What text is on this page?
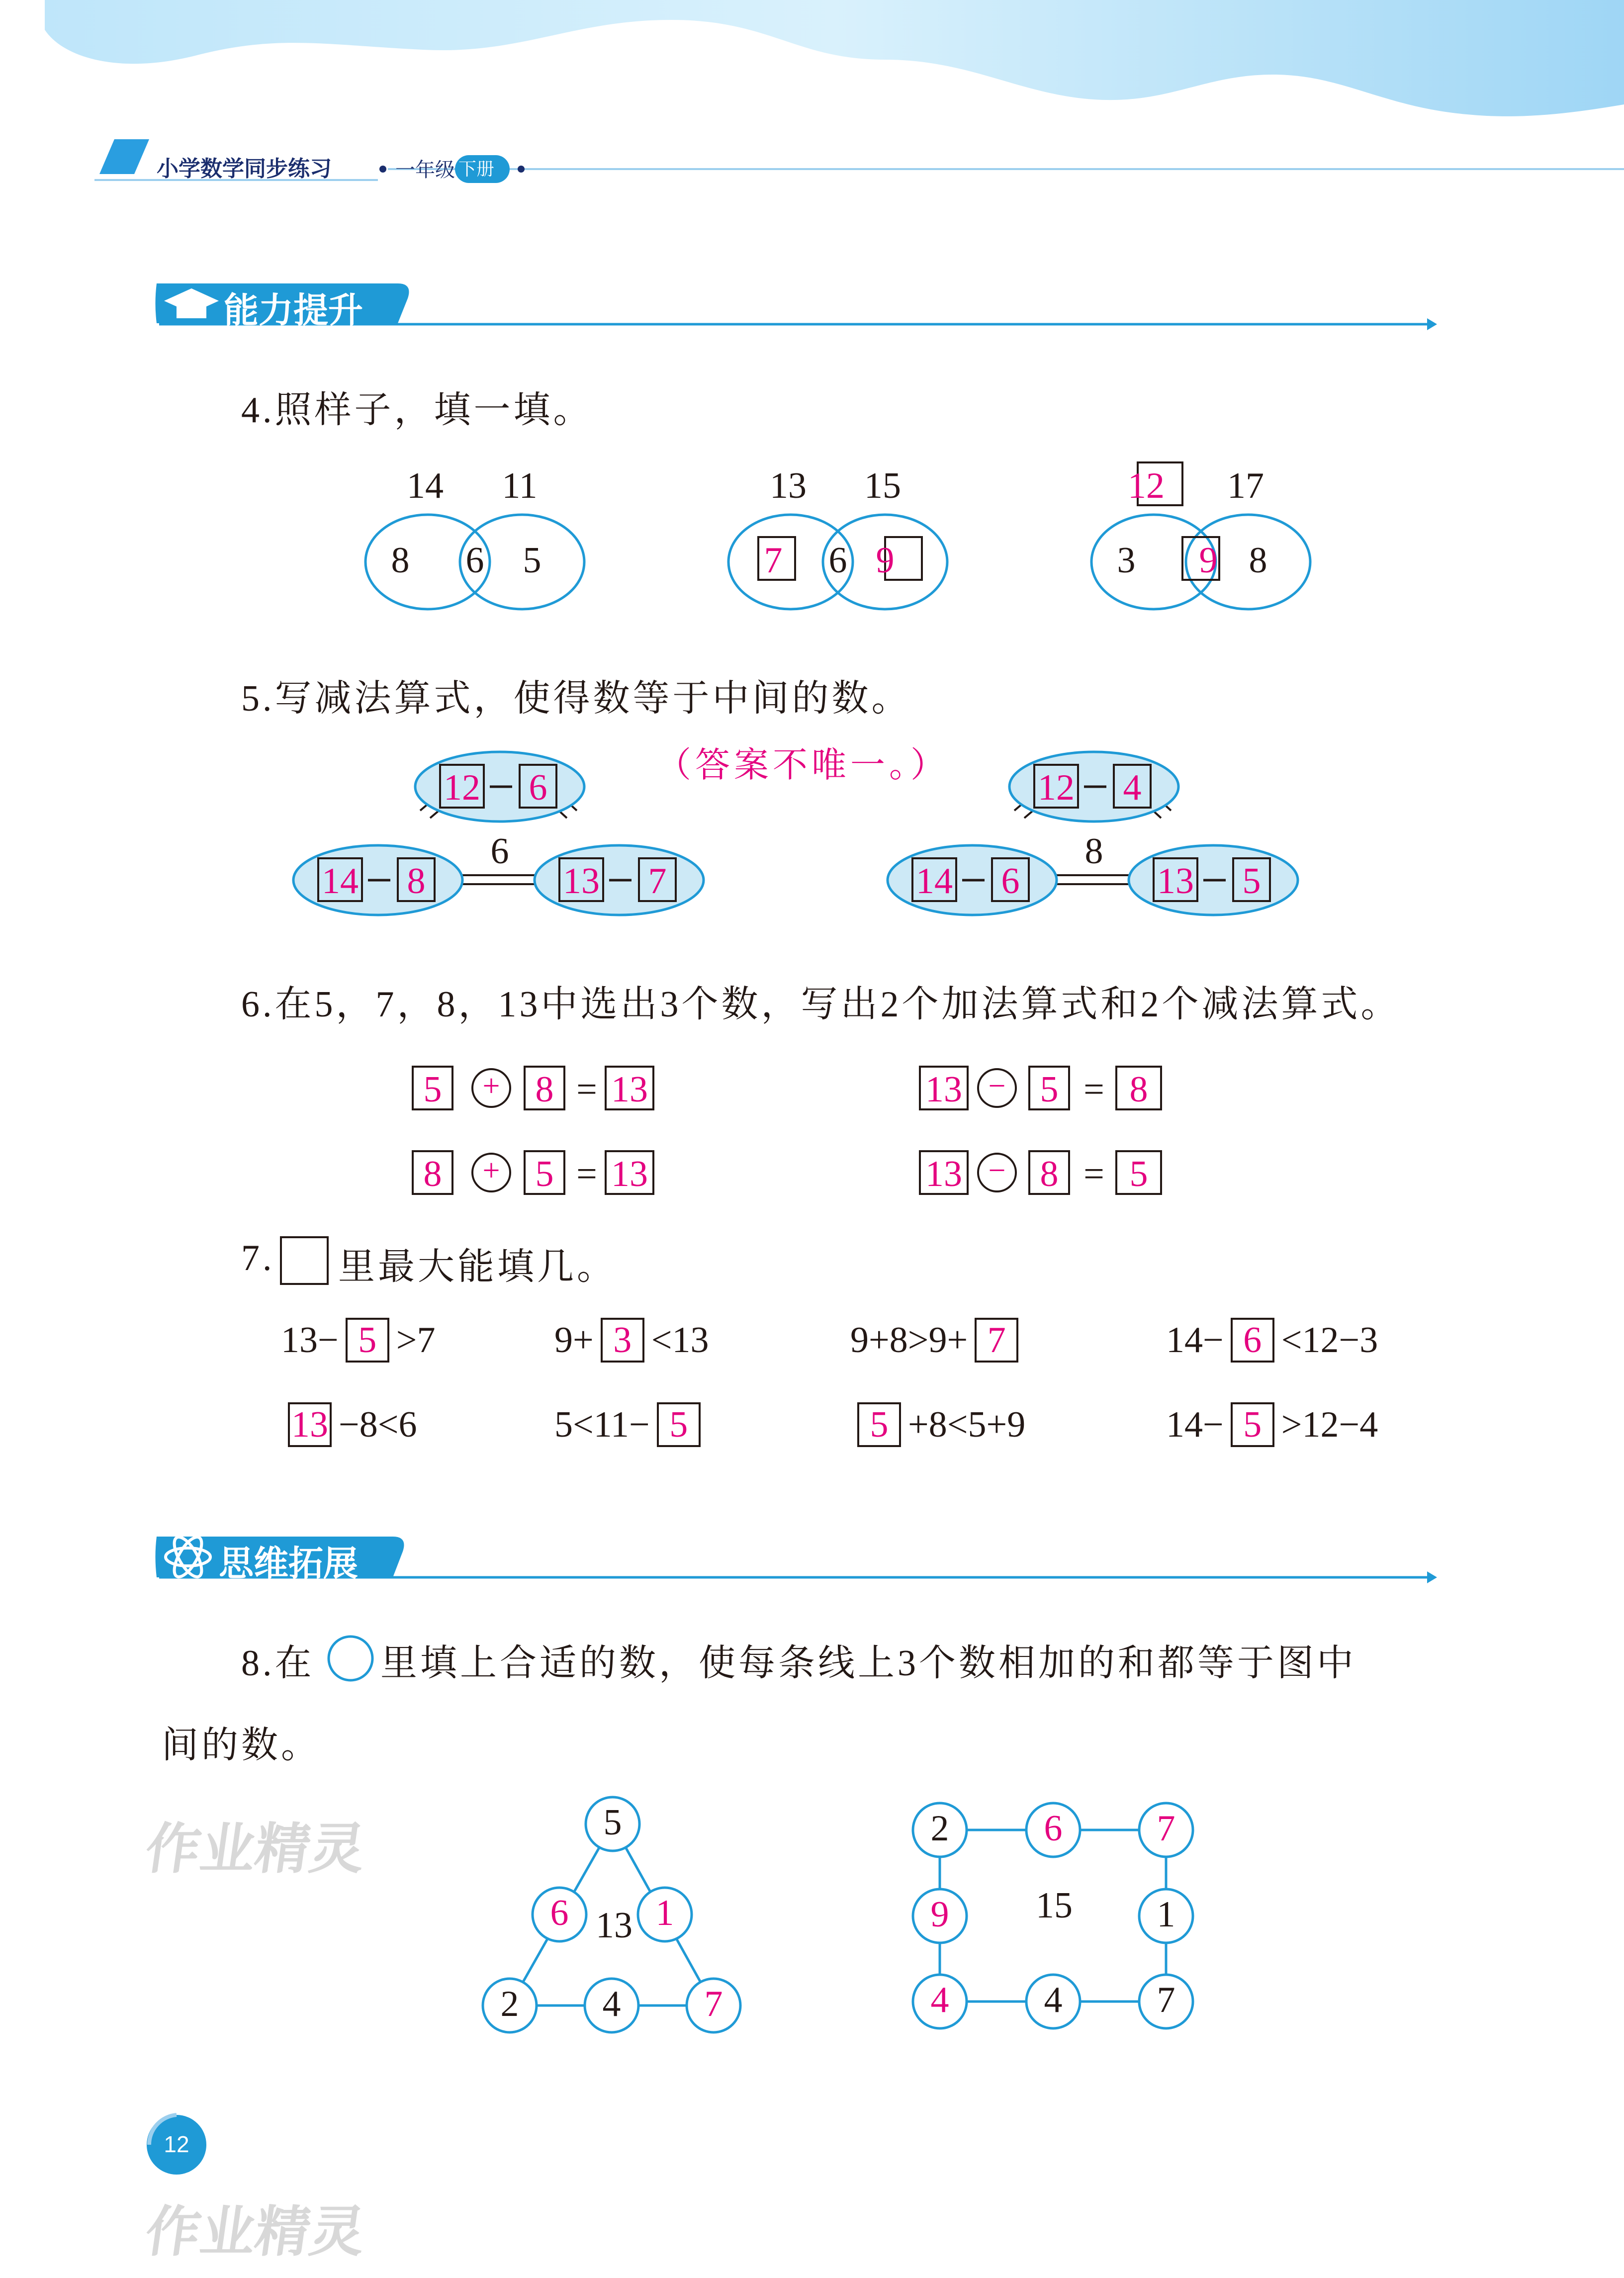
小学数学同步练习	一年级 下册
能力提升
思维拓展
4.照样子，填一填。
14 11
8	6	5
13 15
7	6 9
12 17
3	9 8
5.写减法算式，使得数等于中间的数。
（答案不唯一。）
6
12 6
14 8	13 7
8
12 4
14 6	13 5
6.在5，7，8，13中选出3个数，写出2个加法算式和2个减法算式。
5	+ 8 = 13	13 − 5 = 8
8	+ 5 = 13	13 − 8 = 5
7. 里最大能填几。
13− 5 >7	9+ 3 <13	9+8>9+ 7	14− 6 <12−3
13 −8<6	5<11− 5	5 +8<5+9	14− 5 >12−4
8.在 里填上合适的数，使每条线上3个数相加的和都等于图中
间的数。
5
6	1
2	4	7
13
2	6	7
9	1
4	4	7
15
作业精灵
作业精灵
12
